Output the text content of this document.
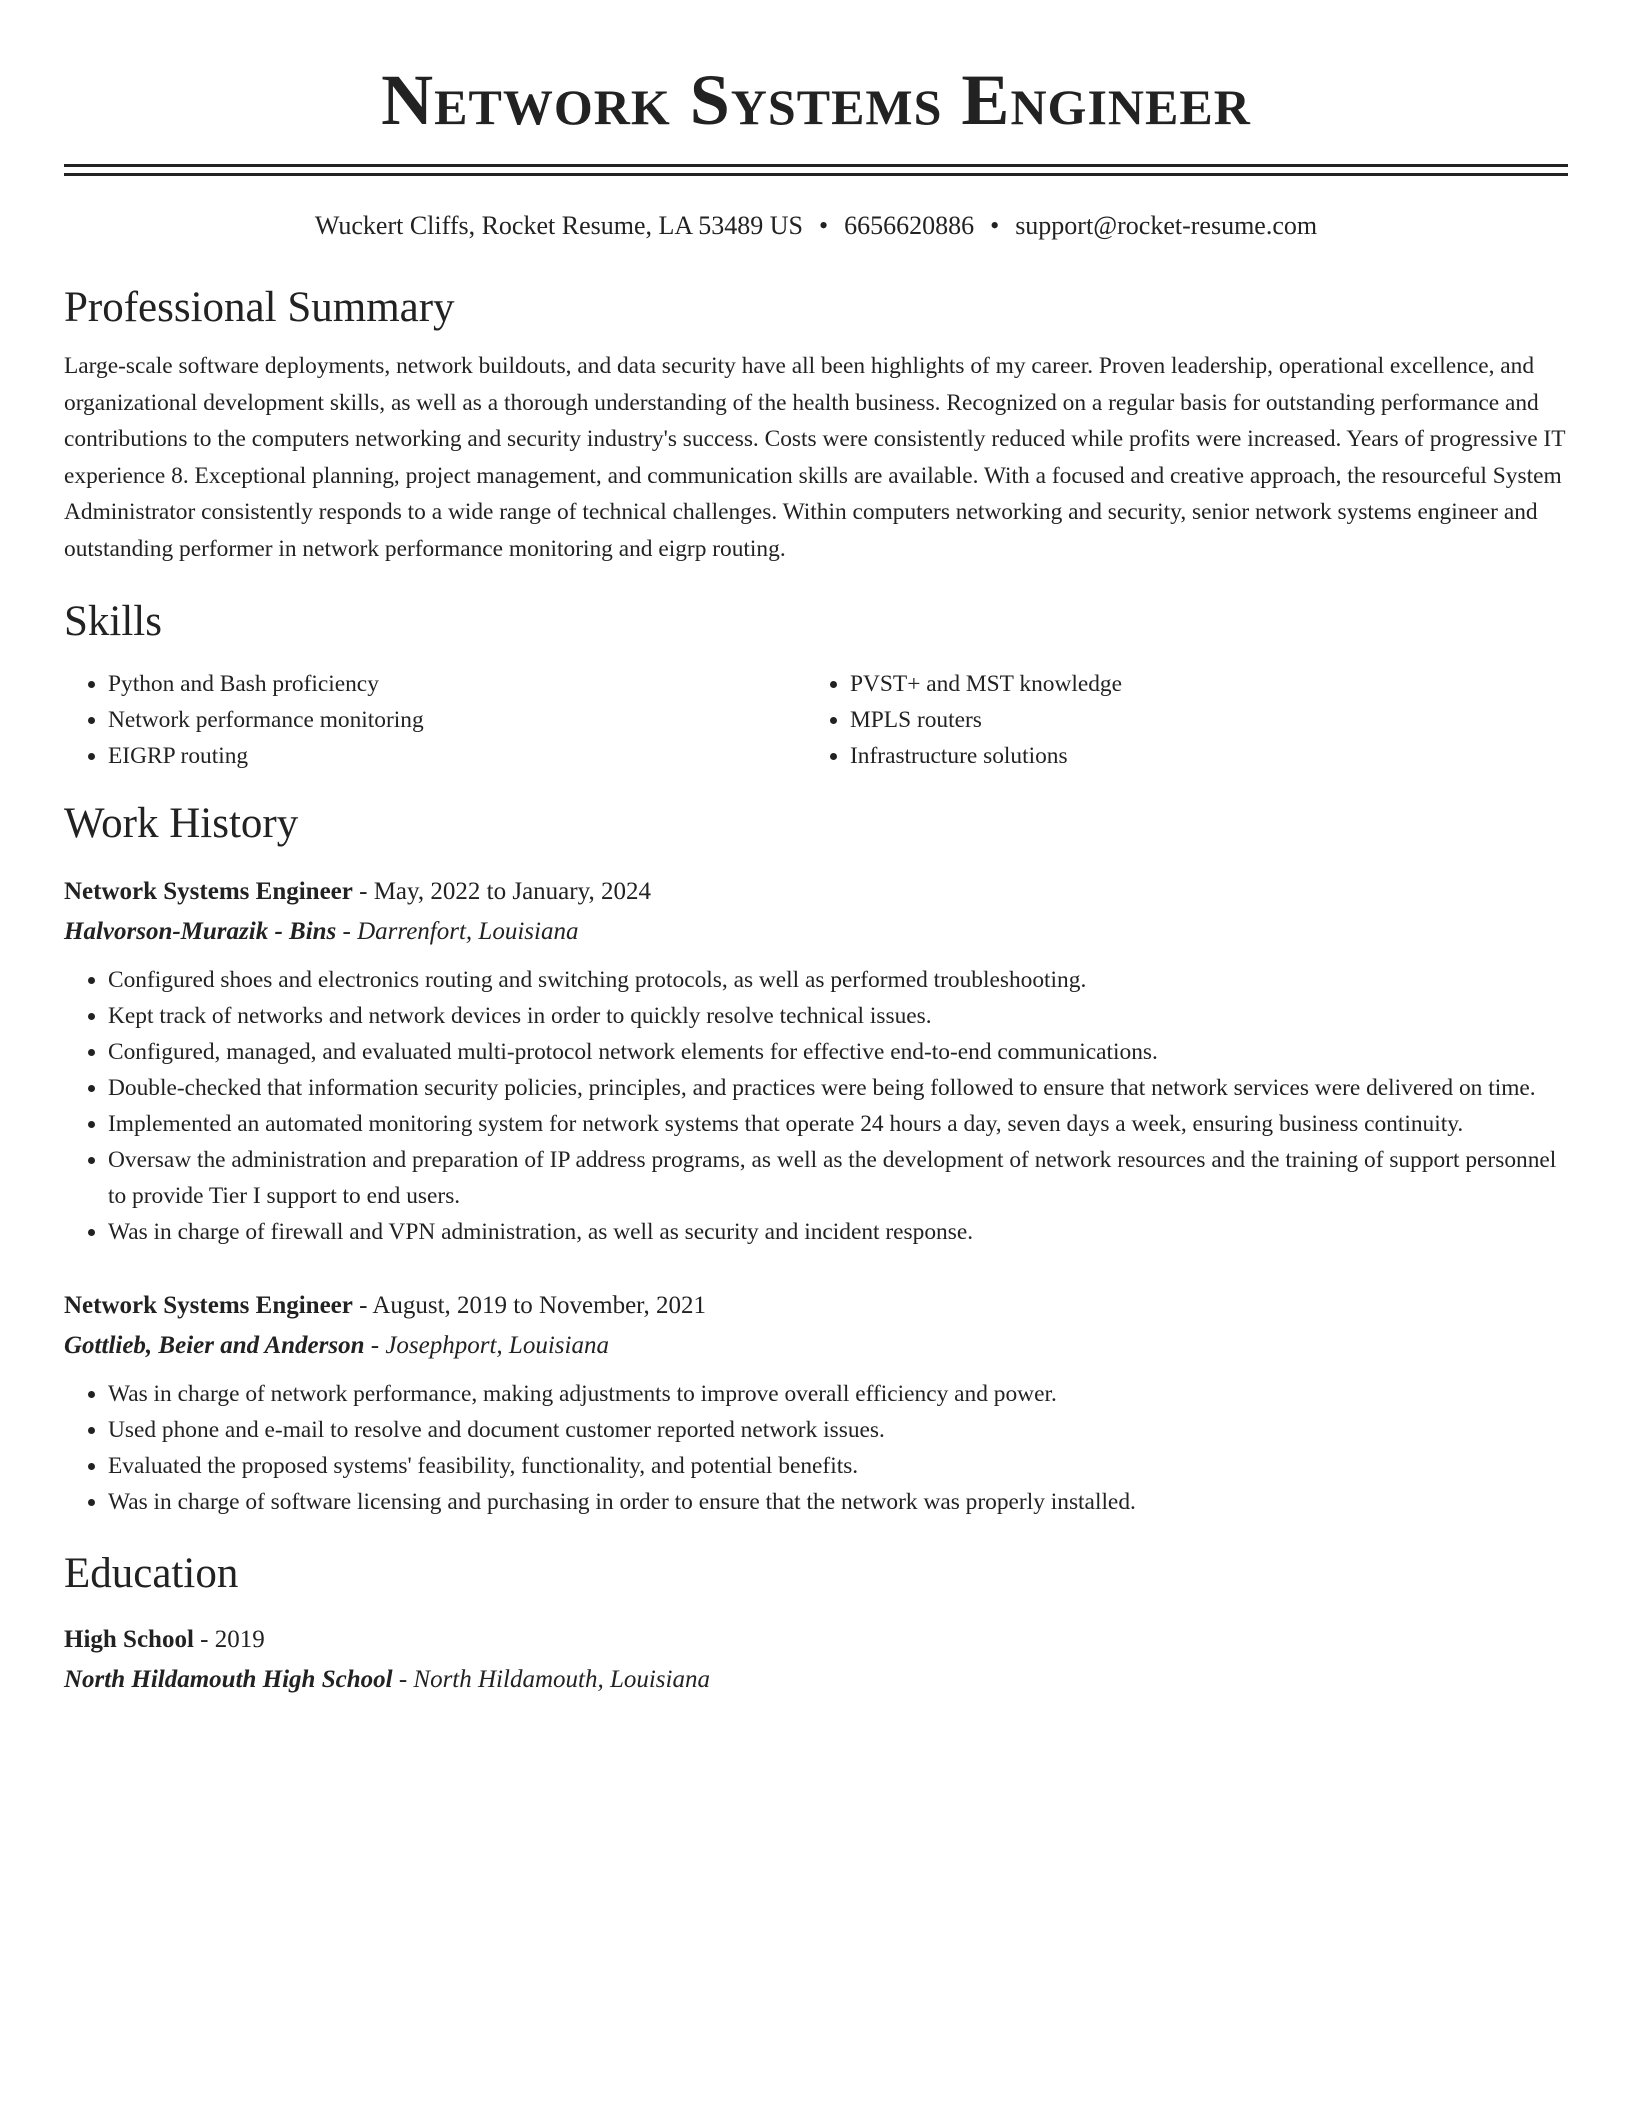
Network Systems Engineer
Wuckert Cliffs, Rocket Resume, LA 53489 US • 6656620886 • support@rocket-resume.com
Professional Summary
Large-scale software deployments, network buildouts, and data security have all been highlights of my career. Proven leadership, operational excellence, and organizational development skills, as well as a thorough understanding of the health business. Recognized on a regular basis for outstanding performance and contributions to the computers networking and security industry's success. Costs were consistently reduced while profits were increased. Years of progressive IT experience 8. Exceptional planning, project management, and communication skills are available. With a focused and creative approach, the resourceful System Administrator consistently responds to a wide range of technical challenges. Within computers networking and security, senior network systems engineer and outstanding performer in network performance monitoring and eigrp routing.
Skills
• Python and Bash proficiency
• Network performance monitoring
• EIGRP routing
• PVST+ and MST knowledge
• MPLS routers
• Infrastructure solutions
Work History
Network Systems Engineer - May, 2022 to January, 2024
Halvorson-Murazik - Bins - Darrenfort, Louisiana
• Configured shoes and electronics routing and switching protocols, as well as performed troubleshooting.
• Kept track of networks and network devices in order to quickly resolve technical issues.
• Configured, managed, and evaluated multi-protocol network elements for effective end-to-end communications.
• Double-checked that information security policies, principles, and practices were being followed to ensure that network services were delivered on time.
• Implemented an automated monitoring system for network systems that operate 24 hours a day, seven days a week, ensuring business continuity.
• Oversaw the administration and preparation of IP address programs, as well as the development of network resources and the training of support personnel to provide Tier I support to end users.
• Was in charge of firewall and VPN administration, as well as security and incident response.
Network Systems Engineer - August, 2019 to November, 2021
Gottlieb, Beier and Anderson - Josephport, Louisiana
• Was in charge of network performance, making adjustments to improve overall efficiency and power.
• Used phone and e-mail to resolve and document customer reported network issues.
• Evaluated the proposed systems' feasibility, functionality, and potential benefits.
• Was in charge of software licensing and purchasing in order to ensure that the network was properly installed.
Education
High School - 2019
North Hildamouth High School - North Hildamouth, Louisiana
